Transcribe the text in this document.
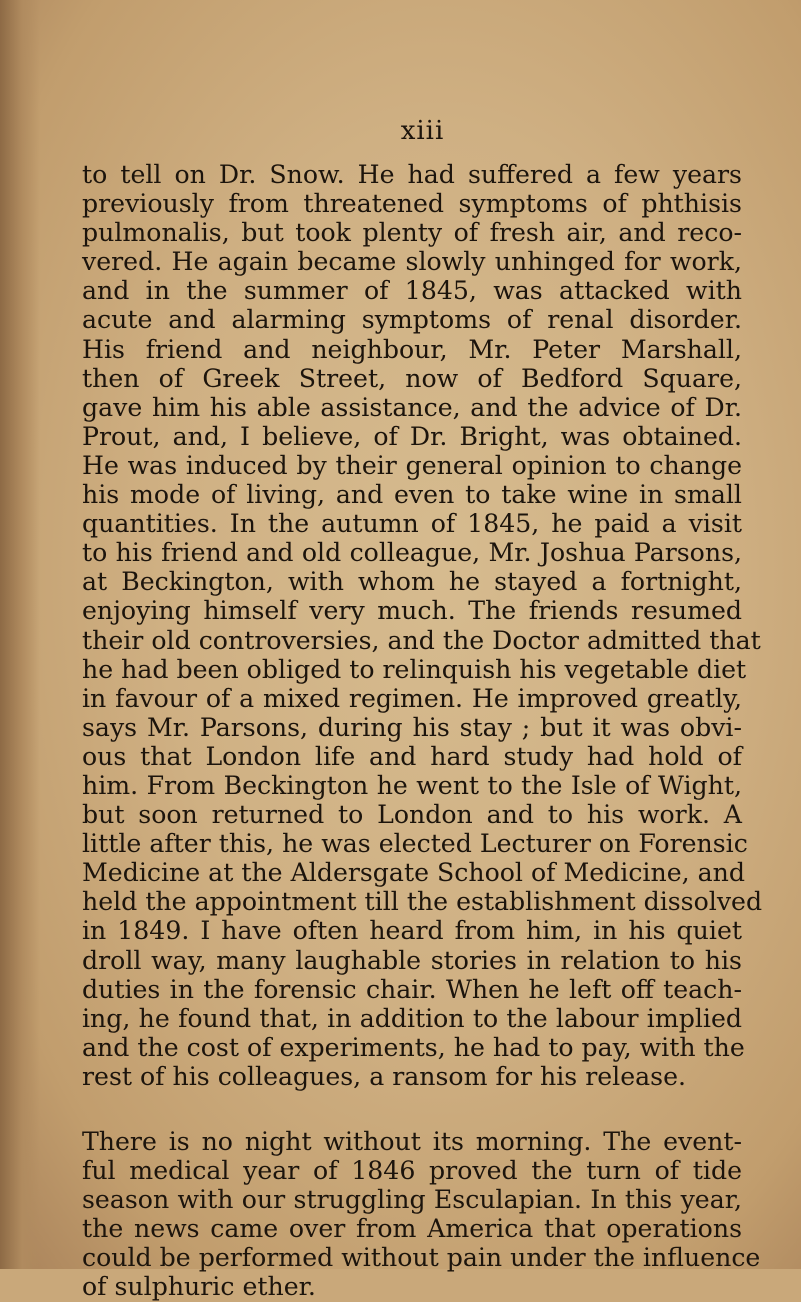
xiii
to tell on Dr. Snow. He had suffered a few years
previously from threatened symptoms of phthisis
pulmonalis, but took plenty of fresh air, and reco-
vered. He again became slowly unhinged for work,
and in the summer of 1845, was attacked with
acute and alarming symptoms of renal disorder.
His friend and neighbour, Mr. Peter Marshall,
then of Greek Street, now of Bedford Square,
gave him his able assistance, and the advice of Dr.
Prout, and, I believe, of Dr. Bright, was obtained.
He was induced by their general opinion to change
his mode of living, and even to take wine in small
quantities. In the autumn of 1845, he paid a visit
to his friend and old colleague, Mr. Joshua Parsons,
at Beckington, with whom he stayed a fortnight,
enjoying himself very much. The friends resumed
their old controversies, and the Doctor admitted that
he had been obliged to relinquish his vegetable diet
in favour of a mixed regimen. He improved greatly,
says Mr. Parsons, during his stay ; but it was obvi-
ous that London life and hard study had hold of
him. From Beckington he went to the Isle of Wight,
but soon returned to London and to his work. A
little after this, he was elected Lecturer on Forensic
Medicine at the Aldersgate School of Medicine, and
held the appointment till the establishment dissolved
in 1849. I have often heard from him, in his quiet
droll way, many laughable stories in relation to his
duties in the forensic chair. When he left off teach-
ing, he found that, in addition to the labour implied
and the cost of experiments, he had to pay, with the
rest of his colleagues, a ransom for his release.
There is no night without its morning. The event-
ful medical year of 1846 proved the turn of tide
season with our struggling Esculapian. In this year,
the news came over from America that operations
could be performed without pain under the influence
of sulphuric ether.
